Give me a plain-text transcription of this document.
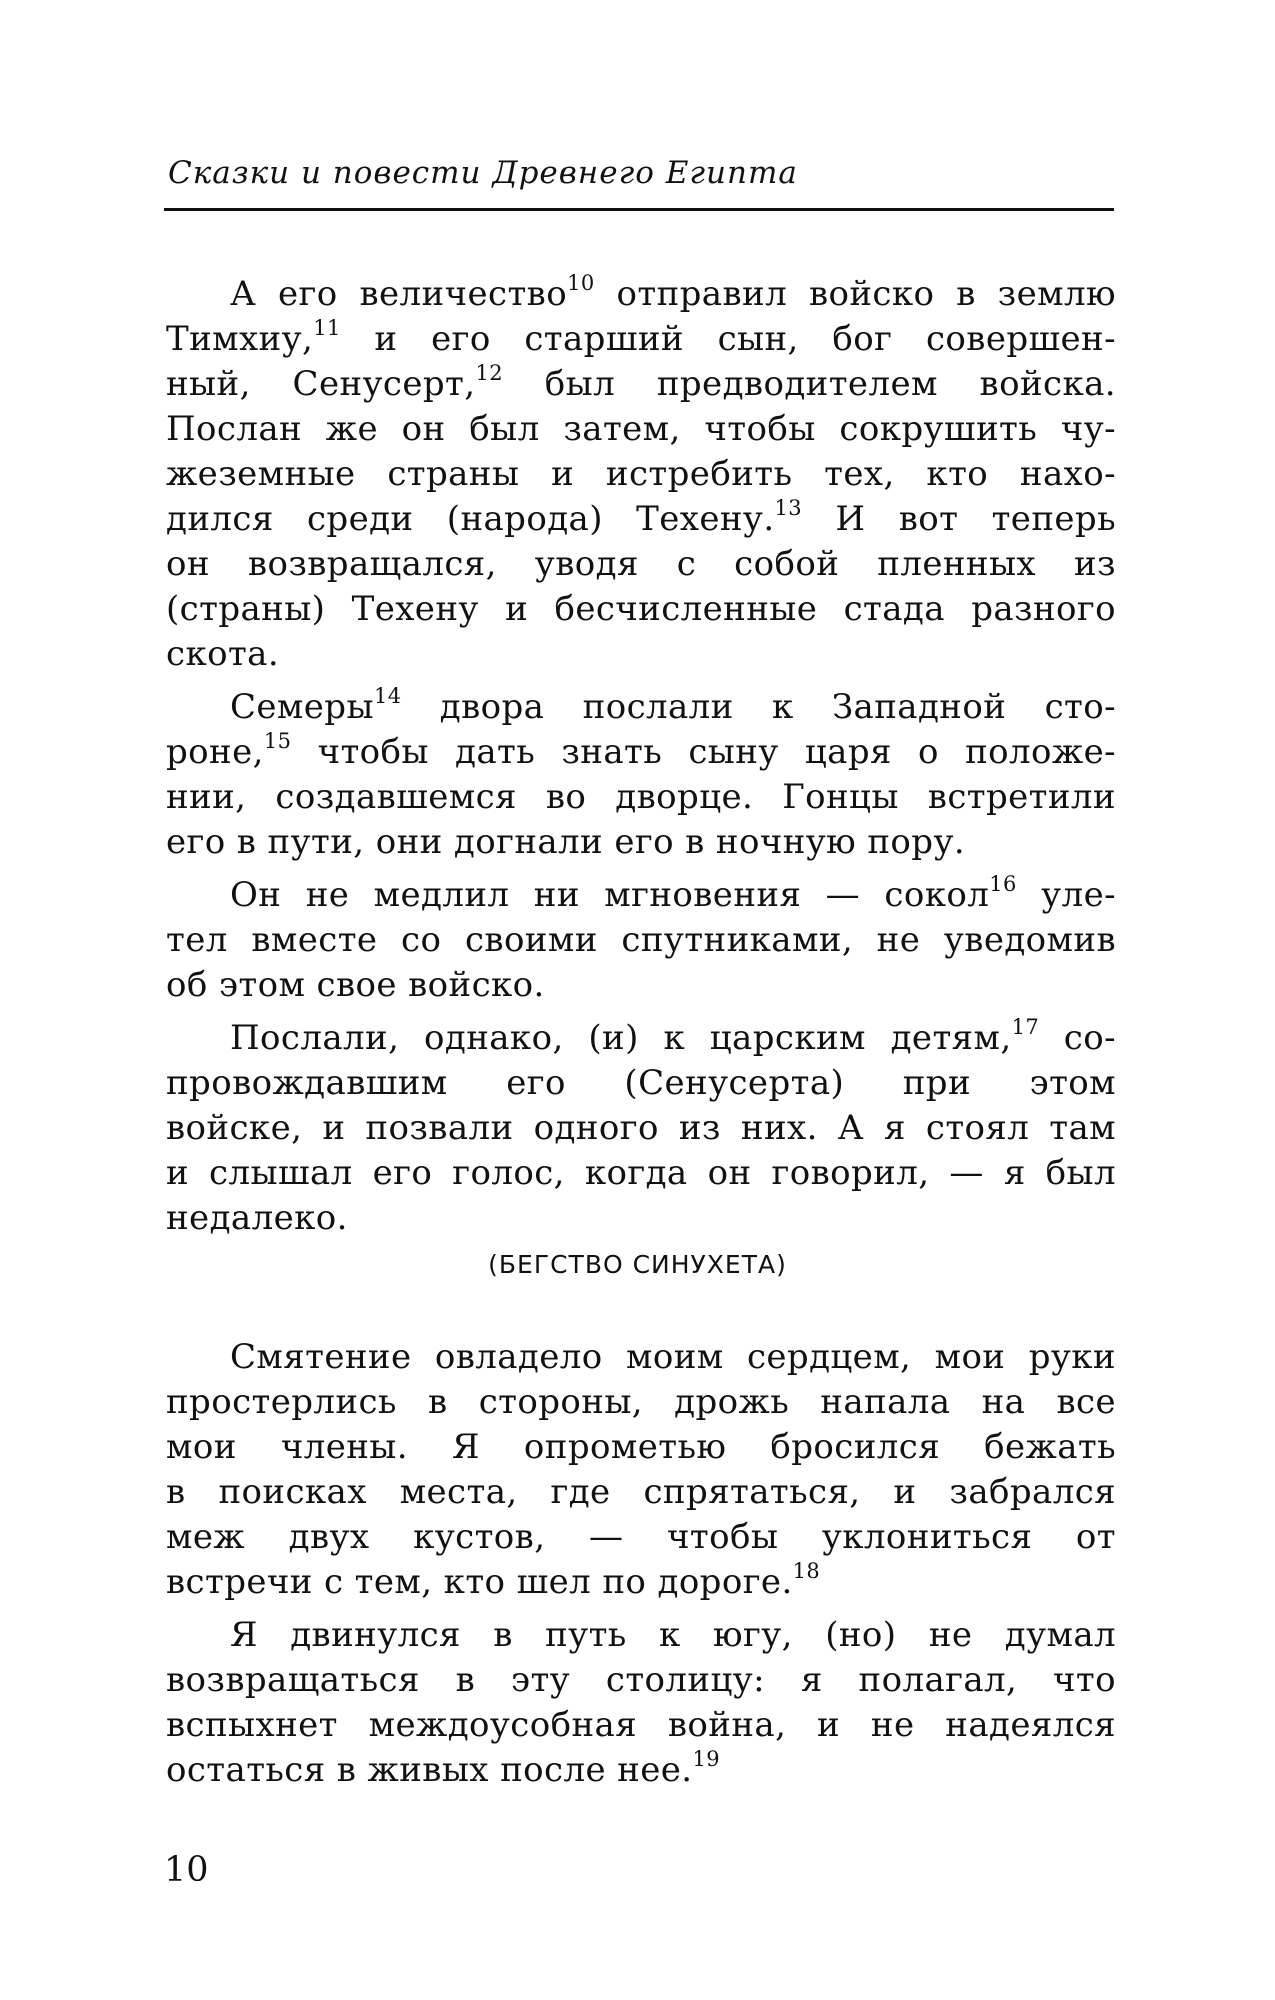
Сказки и повести Древнего Египта
А его величество$^{10}$ отправил войско в землю
Тимхиу,$^{11}$ и его старший сын, бог совершен-
ный, Сенусерт,$^{12}$ был предводителем войска.
Послан же он был затем, чтобы сокрушить чу-
жеземные страны и истребить тех, кто нахо-
дился среди (народа) Техену.$^{13}$ И вот теперь
он возвращался, уводя с собой пленных из
(страны) Техену и бесчисленные стада разного
скота.
Семеры$^{14}$ двора послали к Западной сто-
роне,$^{15}$ чтобы дать знать сыну царя о положе-
нии, создавшемся во дворце. Гонцы встретили
его в пути, они догнали его в ночную пору.
Он не медлил ни мгновения — сокол$^{16}$ уле-
тел вместе со своими спутниками, не уведомив
об этом свое войско.
Послали, однако, (и) к царским детям,$^{17}$ со-
провождавшим его (Сенусерта) при этом
войске, и позвали одного из них. А я стоял там
и слышал его голос, когда он говорил, — я был
недалеко.
(БЕГСТВО СИНУХЕТА)
Смятение овладело моим сердцем, мои руки
простерлись в стороны, дрожь напала на все
мои члены. Я опрометью бросился бежать
в поисках места, где спрятаться, и забрался
меж двух кустов, — чтобы уклониться от
встречи с тем, кто шел по дороге.$^{18}$
Я двинулся в путь к югу, (но) не думал
возвращаться в эту столицу: я полагал, что
вспыхнет междоусобная война, и не надеялся
остаться в живых после нее.$^{19}$
10
